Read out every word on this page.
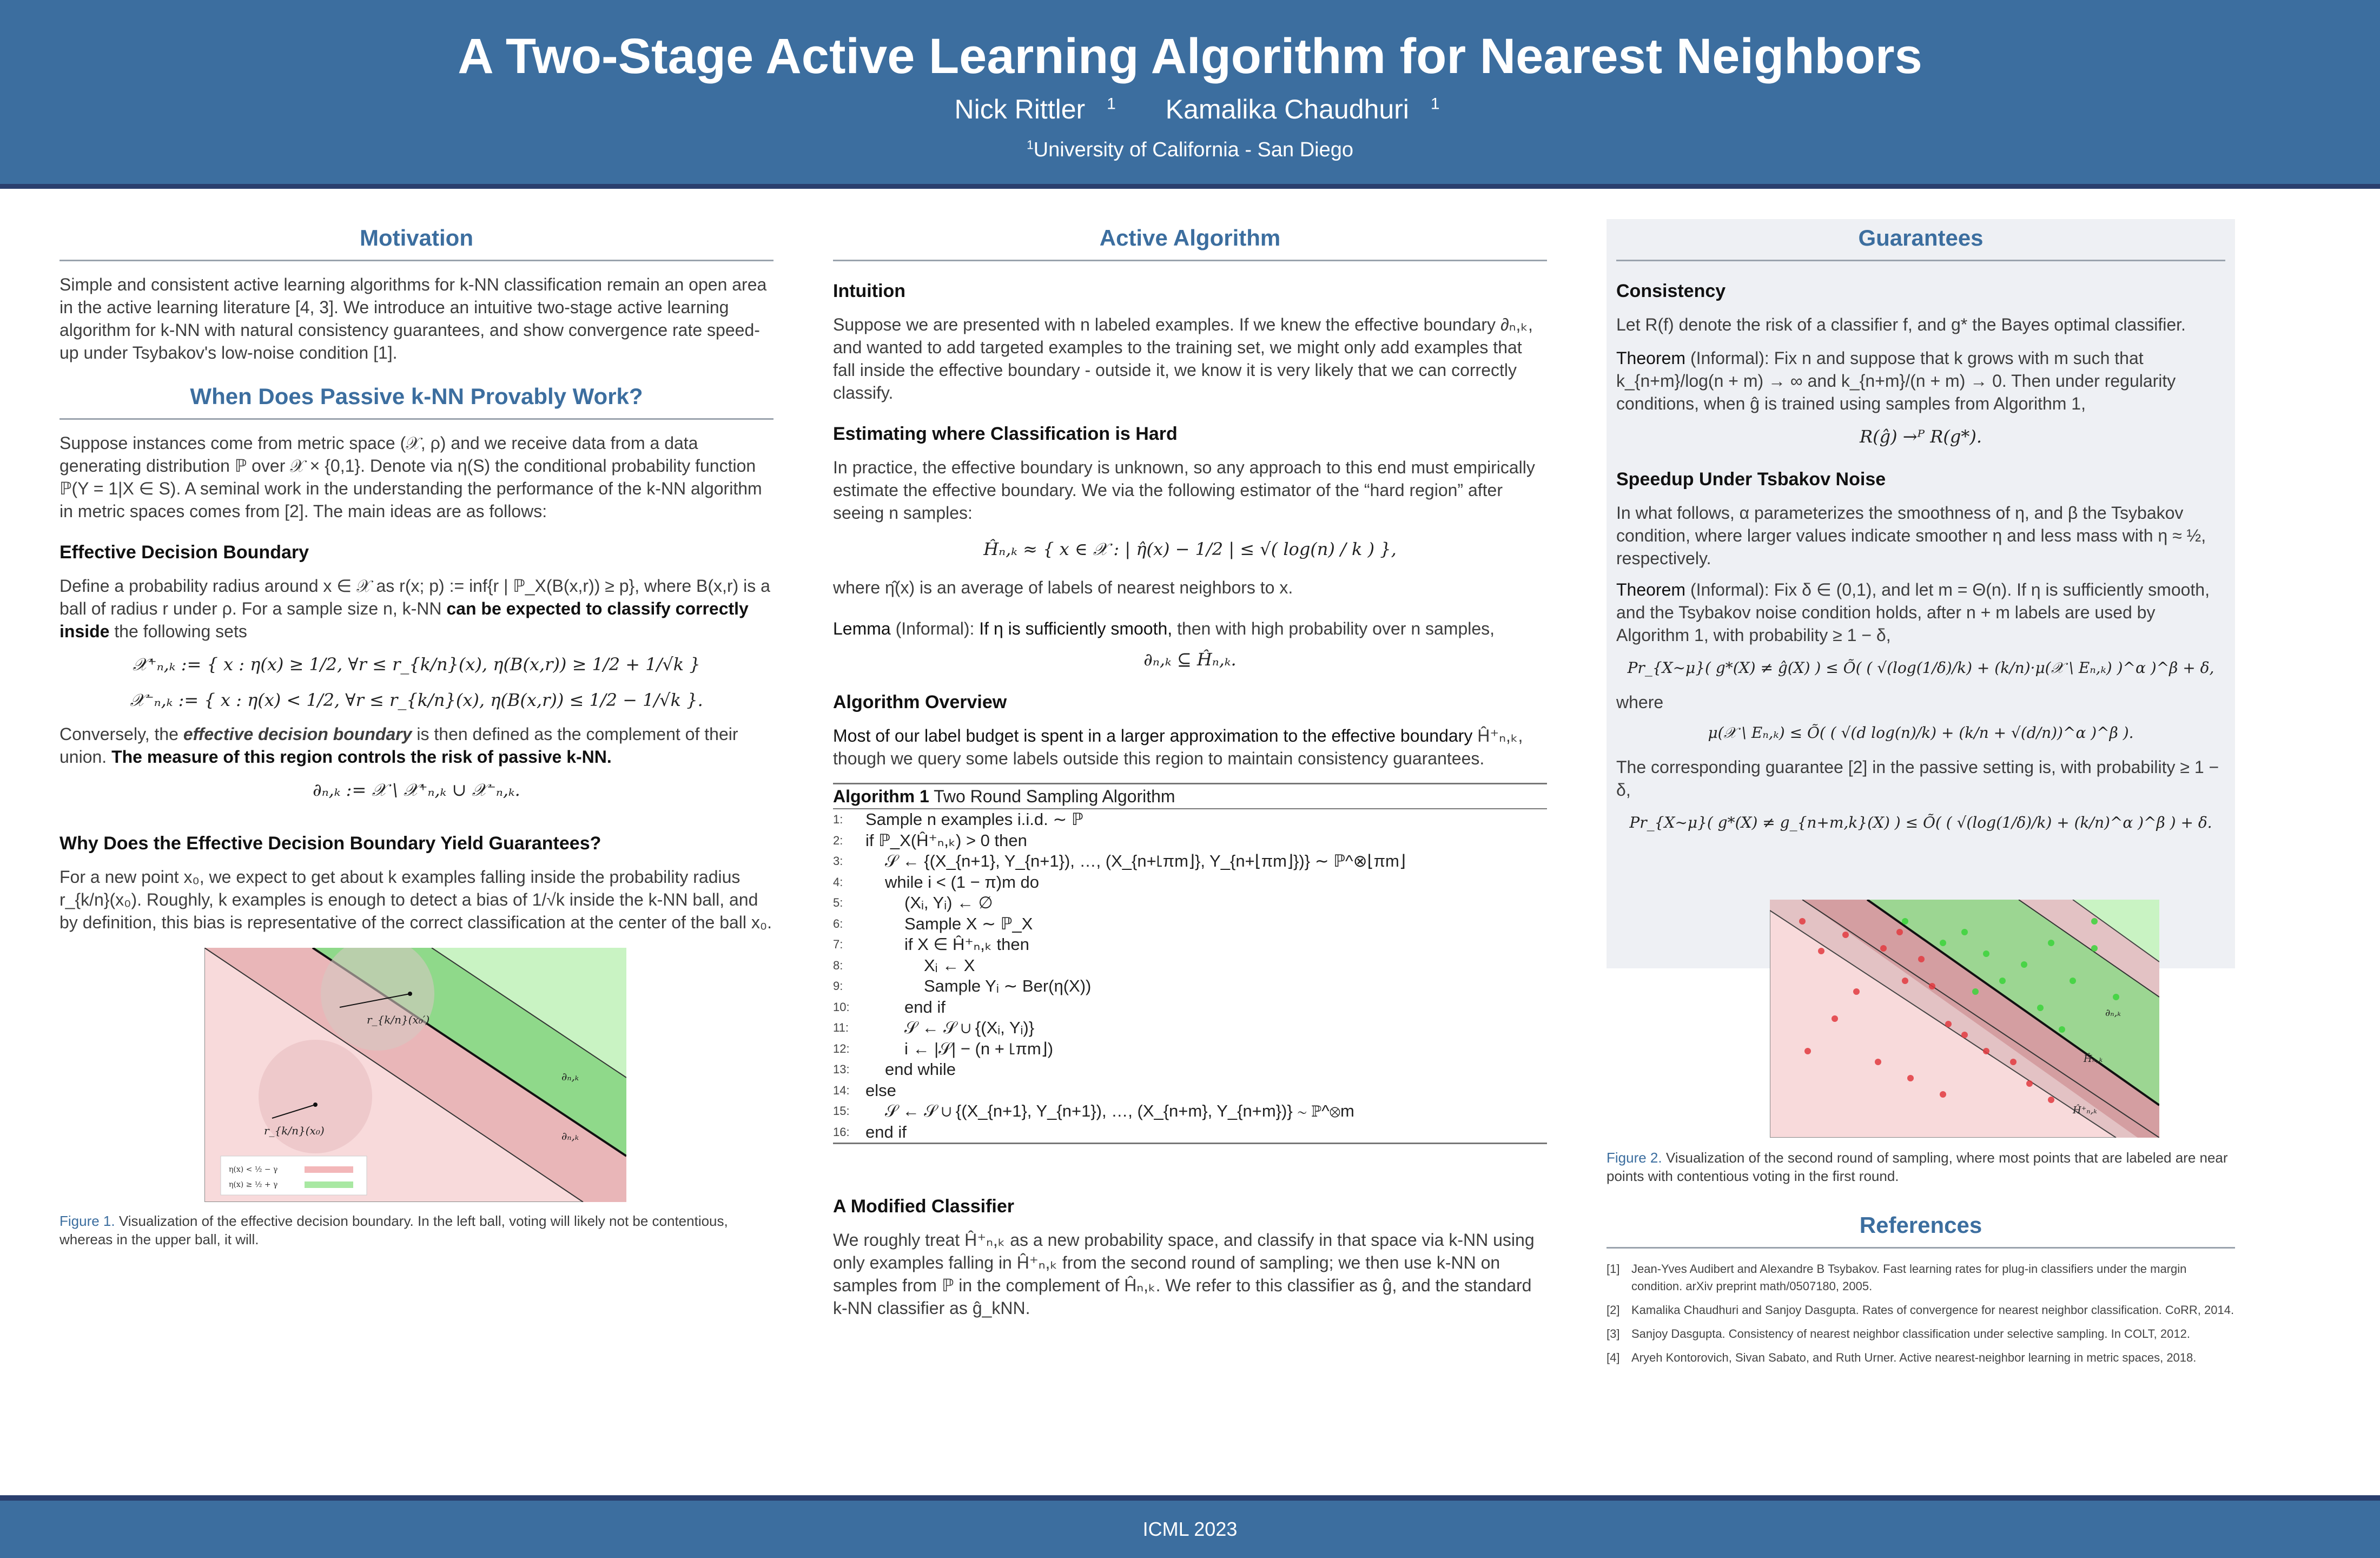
A Two-Stage Active Learning Algorithm for Nearest Neighbors
Nick Rittler $^1$ Kamalika Chaudhuri $^1$
$^1$University of California - San Diego
Motivation

Simple and consistent active learning algorithms for k-NN classification remain an open area in the active learning literature [4, 3]. We introduce an intuitive two-stage active learning algorithm for k-NN with natural consistency guarantees, and show convergence rate speed-up under Tsybakov's low-noise condition [1].

When Does Passive k-NN Provably Work?

Suppose instances come from metric space (𝒳, ρ) and we receive data from a data generating distribution ℙ over 𝒳 × {0,1}. Denote via η(S) the conditional probability function ℙ(Y = 1|X ∈ S). A seminal work in the understanding the performance of the k-NN algorithm in metric spaces comes from [2]. The main ideas are as follows:

Effective Decision Boundary

Define a probability radius around x ∈ 𝒳 as r(x; p) := inf{r | ℙ_X(B(x,r)) ≥ p}, where B(x,r) is a ball of radius r under ρ. For a sample size n, k-NN can be expected to classify correctly inside the following sets

𝒳⁺ₙ,ₖ := { x : η(x) ≥ 1/2, ∀r ≤ r_{k/n}(x), η(B(x,r)) ≥ 1/2 + 1/√k }
𝒳⁻ₙ,ₖ := { x : η(x) < 1/2, ∀r ≤ r_{k/n}(x), η(B(x,r)) ≤ 1/2 − 1/√k }.

Conversely, the effective decision boundary is then defined as the complement of their union. The measure of this region controls the risk of passive k-NN.

∂ₙ,ₖ := 𝒳 \ 𝒳⁺ₙ,ₖ ∪ 𝒳⁻ₙ,ₖ.
Why Does the Effective Decision Boundary Yield Guarantees?

For a new point x₀, we expect to get about k examples falling inside the probability radius r_{k/n}(x₀). Roughly, k examples is enough to detect a bias of 1/√k inside the k-NN ball, and by definition, this bias is representative of the correct classification at the center of the ball x₀.

r_{k/n}(x₀′)
r_{k/n}(x₀)
∂ₙ,ₖ
∂ₙ,ₖ
η(x) < ½ − γ
η(x) ≥ ½ + γ

Figure 1. Visualization of the effective decision boundary. In the left ball, voting will likely not be contentious, whereas in the upper ball, it will.

Active Algorithm
Intuition

Suppose we are presented with n labeled examples. If we knew the effective boundary ∂ₙ,ₖ, and wanted to add targeted examples to the training set, we might only add examples that fall inside the effective boundary - outside it, we know it is very likely that we can correctly classify.

Estimating where Classification is Hard

In practice, the effective boundary is unknown, so any approach to this end must empirically estimate the effective boundary. We via the following estimator of the “hard region” after seeing n samples:

Ĥₙ,ₖ ≈ { x ∈ 𝒳 : | η̂(x) − 1/2 | ≤ √( log(n) / k ) },

where η̂(x) is an average of labels of nearest neighbors to x.

Lemma (Informal): If η is sufficiently smooth, then with high probability over n samples,

∂ₙ,ₖ ⊆ Ĥₙ,ₖ.
Algorithm Overview

Most of our label budget is spent in a larger approximation to the effective boundary Ĥ⁺ₙ,ₖ, though we query some labels outside this region to maintain consistency guarantees.

Algorithm 1 Two Round Sampling Algorithm
1:	Sample n examples i.i.d. ∼ ℙ
2:	if ℙ_X(Ĥ⁺ₙ,ₖ) > 0 then
3:	𝒮 ← {(X_{n+1}, Y_{n+1}), …, (X_{n+⌊πm⌋}, Y_{n+⌊πm⌋})} ∼ ℙ^⊗⌊πm⌋
4:	while i < (1 − π)m do
5:	(Xᵢ, Yᵢ) ← ∅
6:	Sample X ∼ ℙ_X
7:	if X ∈ Ĥ⁺ₙ,ₖ then
8:	Xᵢ ← X
9:	Sample Yᵢ ∼ Ber(η(X))
10:	end if
11:	𝒮 ← 𝒮 ∪ {(Xᵢ, Yᵢ)}
12:	i ← |𝒮| − (n + ⌊πm⌋)
13:	end while
14: else
15:	𝒮 ← 𝒮 ∪ {(X_{n+1}, Y_{n+1}), …, (X_{n+m}, Y_{n+m})} ∼ ℙ^⊗m
16: end if
A Modified Classifier

We roughly treat Ĥ⁺ₙ,ₖ as a new probability space, and classify in that space via k-NN using only examples falling in Ĥ⁺ₙ,ₖ from the second round of sampling; we then use k-NN on samples from ℙ in the complement of Ĥₙ,ₖ. We refer to this classifier as ĝ, and the standard k-NN classifier as ĝ_kNN.

Guarantees
Consistency

Let R(f) denote the risk of a classifier f, and g* the Bayes optimal classifier.

Theorem (Informal): Fix n and suppose that k grows with m such that k_{n+m}/log(n + m) → ∞ and k_{n+m}/(n + m) → 0. Then under regularity conditions, when ĝ is trained using samples from Algorithm 1,

R(ĝ) →ᴾ R(g*).
Speedup Under Tsbakov Noise

In what follows, α parameterizes the smoothness of η, and β the Tsybakov condition, where larger values indicate smoother η and less mass with η ≈ ½, respectively.

Theorem (Informal): Fix δ ∈ (0,1), and let m = Θ(n). If η is sufficiently smooth, and the Tsybakov noise condition holds, after n + m labels are used by Algorithm 1, with probability ≥ 1 − δ,

Pr_{X∼μ}( g*(X) ≠ ĝ(X) ) ≤ Õ( ( √(log(1/δ)/k) + (k/n)·μ(𝒳 \ Eₙ,ₖ) )^α )^β + δ,

where

μ(𝒳 \ Eₙ,ₖ) ≤ Õ( ( √(d log(n)/k) + (k/n + √(d/n))^α )^β ).

The corresponding guarantee [2] in the passive setting is, with probability ≥ 1 − δ,

Pr_{X∼μ}( g*(X) ≠ g_{n+m,k}(X) ) ≤ Õ( ( √(log(1/δ)/k) + (k/n)^α )^β ) + δ.
∂ₙ,ₖ
Ĥₙ,ₖ
Ĥ⁺ₙ,ₖ

Figure 2. Visualization of the second round of sampling, where most points that are labeled are near points with contentious voting in the first round.

References
[1] Jean-Yves Audibert and Alexandre B Tsybakov. Fast learning rates for plug-in classifiers under the margin condition. arXiv preprint math/0507180, 2005.
[2] Kamalika Chaudhuri and Sanjoy Dasgupta. Rates of convergence for nearest neighbor classification. CoRR, 2014.
[3] Sanjoy Dasgupta. Consistency of nearest neighbor classification under selective sampling. In COLT, 2012.
[4] Aryeh Kontorovich, Sivan Sabato, and Ruth Urner. Active nearest-neighbor learning in metric spaces, 2018.
ICML 2023
